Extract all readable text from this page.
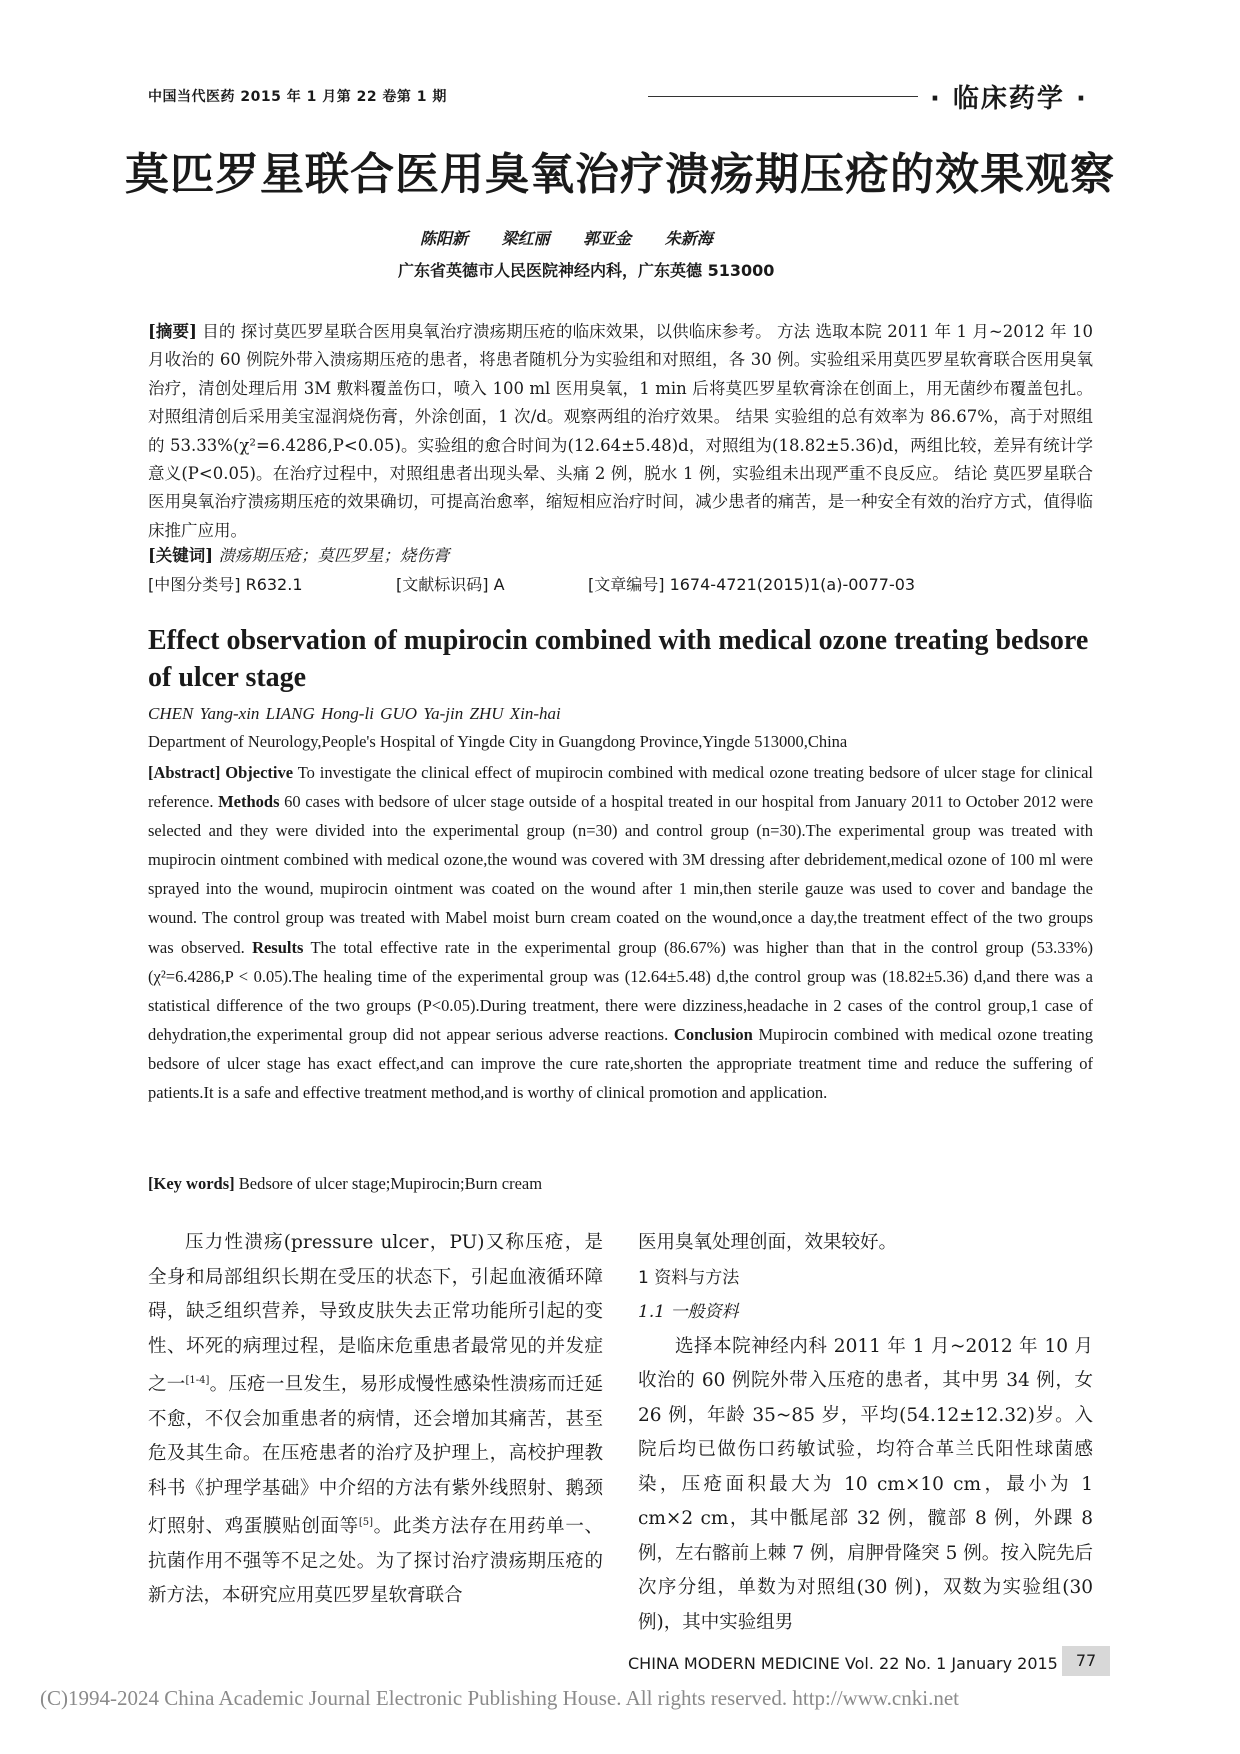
中国当代医药 2015 年 1 月第 22 卷第 1 期	· 临床药学 ·
莫匹罗星联合医用臭氧治疗溃疡期压疮的效果观察
陈阳新 梁红丽 郭亚金 朱新海
广东省英德市人民医院神经内科，广东英德 513000
[摘要] 目的 探讨莫匹罗星联合医用臭氧治疗溃疡期压疮的临床效果，以供临床参考。 方法 选取本院 2011 年 1 月~2012 年 10 月收治的 60 例院外带入溃疡期压疮的患者，将患者随机分为实验组和对照组，各 30 例。实验组采用莫匹罗星软膏联合医用臭氧治疗，清创处理后用 3M 敷料覆盖伤口，喷入 100 ml 医用臭氧，1 min 后将莫匹罗星软膏涂在创面上，用无菌纱布覆盖包扎。对照组清创后采用美宝湿润烧伤膏，外涂创面，1 次/d。观察两组的治疗效果。 结果 实验组的总有效率为 86.67%，高于对照组的 53.33%(χ²=6.4286,P<0.05)。实验组的愈合时间为(12.64±5.48)d，对照组为(18.82±5.36)d，两组比较，差异有统计学意义(P<0.05)。在治疗过程中，对照组患者出现头晕、头痛 2 例，脱水 1 例，实验组未出现严重不良反应。 结论 莫匹罗星联合医用臭氧治疗溃疡期压疮的效果确切，可提高治愈率，缩短相应治疗时间，减少患者的痛苦，是一种安全有效的治疗方式，值得临床推广应用。
[关键词] 溃疡期压疮；莫匹罗星；烧伤膏
[中图分类号] R632.1	[文献标识码] A	[文章编号] 1674-4721(2015)1(a)-0077-03
Effect observation of mupirocin combined with medical ozone treating bedsore of ulcer stage
CHEN Yang-xin LIANG Hong-li GUO Ya-jin ZHU Xin-hai
Department of Neurology,People's Hospital of Yingde City in Guangdong Province,Yingde 513000,China
[Abstract] Objective To investigate the clinical effect of mupirocin combined with medical ozone treating bedsore of ulcer stage for clinical reference. Methods 60 cases with bedsore of ulcer stage outside of a hospital treated in our hospital from January 2011 to October 2012 were selected and they were divided into the experimental group (n=30) and control group (n=30).The experimental group was treated with mupirocin ointment combined with medical ozone,the wound was covered with 3M dressing after debridement,medical ozone of 100 ml were sprayed into the wound, mupirocin ointment was coated on the wound after 1 min,then sterile gauze was used to cover and bandage the wound. The control group was treated with Mabel moist burn cream coated on the wound,once a day,the treatment effect of the two groups was observed. Results The total effective rate in the experimental group (86.67%) was higher than that in the control group (53.33%) (χ²=6.4286,P < 0.05).The healing time of the experimental group was (12.64±5.48) d,the control group was (18.82±5.36) d,and there was a statistical difference of the two groups (P<0.05).During treatment, there were dizziness,headache in 2 cases of the control group,1 case of dehydration,the experimental group did not appear serious adverse reactions. Conclusion Mupirocin combined with medical ozone treating bedsore of ulcer stage has exact effect,and can improve the cure rate,shorten the appropriate treatment time and reduce the suffering of patients.It is a safe and effective treatment method,and is worthy of clinical promotion and application.
[Key words] Bedsore of ulcer stage;Mupirocin;Burn cream

压力性溃疡(pressure ulcer，PU)又称压疮，是全身和局部组织长期在受压的状态下，引起血液循环障碍，缺乏组织营养，导致皮肤失去正常功能所引起的变性、坏死的病理过程，是临床危重患者最常见的并发症之一[1-4]。压疮一旦发生，易形成慢性感染性溃疡而迁延不愈，不仅会加重患者的病情，还会增加其痛苦，甚至危及其生命。在压疮患者的治疗及护理上，高校护理教科书《护理学基础》中介绍的方法有紫外线照射、鹅颈灯照射、鸡蛋膜贴创面等[5]。此类方法存在用药单一、抗菌作用不强等不足之处。为了探讨治疗溃疡期压疮的新方法，本研究应用莫匹罗星软膏联合

医用臭氧处理创面，效果较好。

1 资料与方法

1.1 一般资料

选择本院神经内科 2011 年 1 月~2012 年 10 月收治的 60 例院外带入压疮的患者，其中男 34 例，女 26 例，年龄 35~85 岁，平均(54.12±12.32)岁。入院后均已做伤口药敏试验，均符合革兰氏阳性球菌感染，压疮面积最大为 10 cm×10 cm，最小为 1 cm×2 cm，其中骶尾部 32 例，髋部 8 例，外踝 8 例，左右髂前上棘 7 例，肩胛骨隆突 5 例。按入院先后次序分组，单数为对照组(30 例)，双数为实验组(30 例)，其中实验组男

CHINA MODERN MEDICINE Vol. 22 No. 1 January 2015	77
(C)1994-2024 China Academic Journal Electronic Publishing House. All rights reserved. http://www.cnki.net
